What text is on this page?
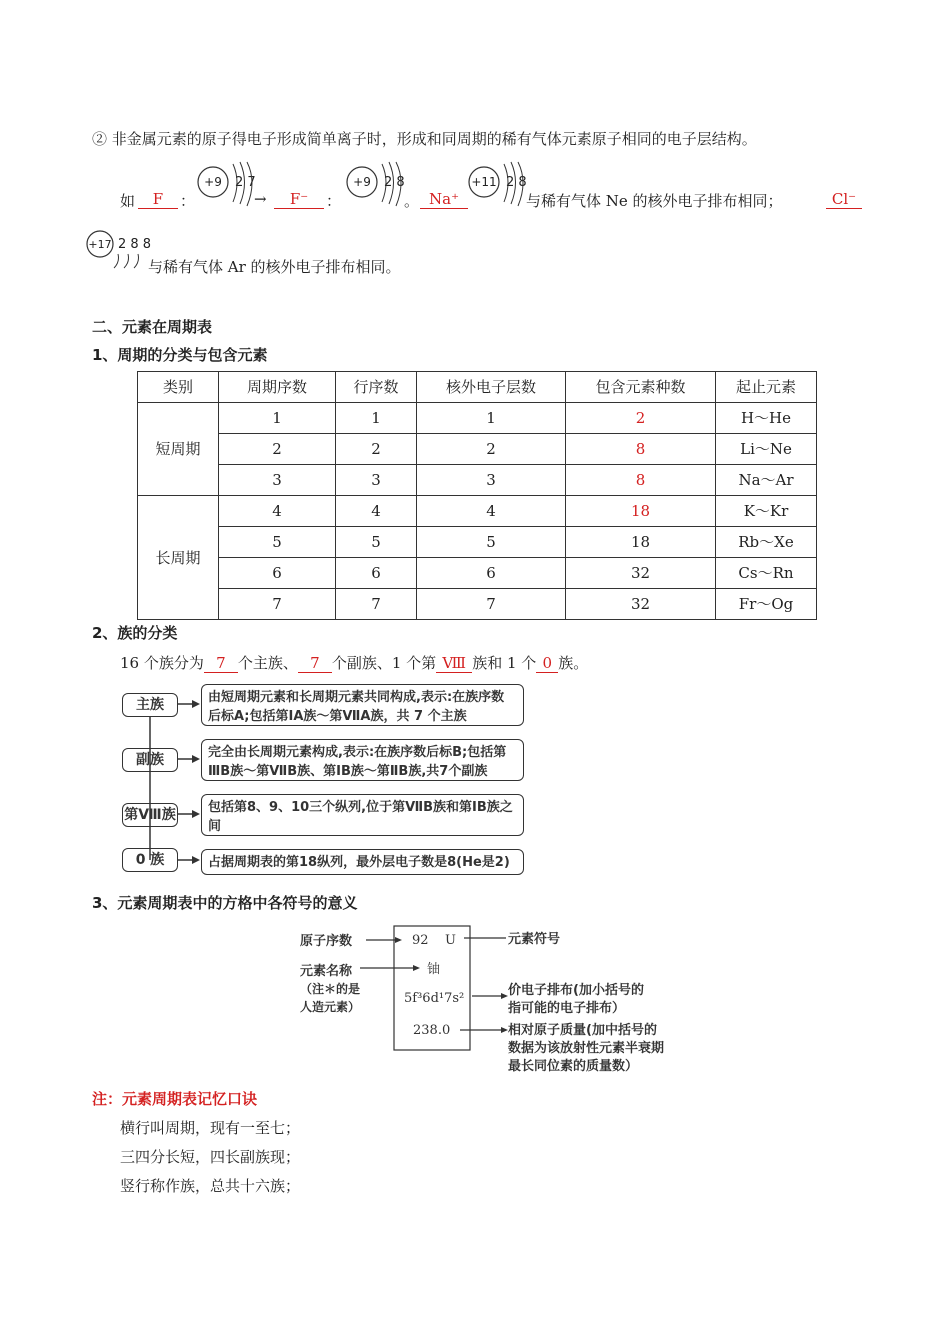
② 非金属元素的原子得电子形成简单离子时，形成和同周期的稀有气体元素原子相同的电子层结构。
如	F	：
+9 2 7
→	F⁻	：
+9 2 8
。 Na⁺
+11 2 8
与稀有气体 Ne 的核外电子排布相同；	Cl⁻
+17 2 8 8
与稀有气体 Ar 的核外电子排布相同。
二、元素在周期表
1、周期的分类与包含元素
类别	周期序数	行序数	核外电子层数	包含元素种数	起止元素
短周期	1	1	1	2	H～He
	2	2	2	8	Li～Ne
	3	3	3	8	Na～Ar
长周期	4	4	4	18	K～Kr
	5	5	5	18	Rb～Xe
	6	6	6	32	Cs～Rn
	7	7	7	32	Fr～Og
2、族的分类
16 个族分为 7 个主族、 7 个副族、1 个第 Ⅷ 族和 1 个 0 族。
主族	由短周期元素和长周期元素共同构成,表示:在族序数后标A;包括第ⅠA族～第ⅦA族，共 7 个主族
副族	完全由长周期元素构成,表示:在族序数后标B;包括第ⅢB族～第ⅦB族、第ⅠB族～第ⅡB族,共7个副族
第Ⅷ族	包括第8、9、10三个纵列,位于第ⅦB族和第ⅠB族之间
0 族	占据周期表的第18纵列，最外层电子数是8(He是2)
3、元素周期表中的方格中各符号的意义
原子序数
元素名称
（注＊的是
人造元素）
92 U
铀
5f³6d¹7s²
238.0
元素符号
价电子排布(加小括号的
指可能的电子排布）
相对原子质量(加中括号的
数据为该放射性元素半衰期
最长同位素的质量数）
注：元素周期表记忆口诀
横行叫周期，现有一至七；
三四分长短，四长副族现；
竖行称作族，总共十六族；
